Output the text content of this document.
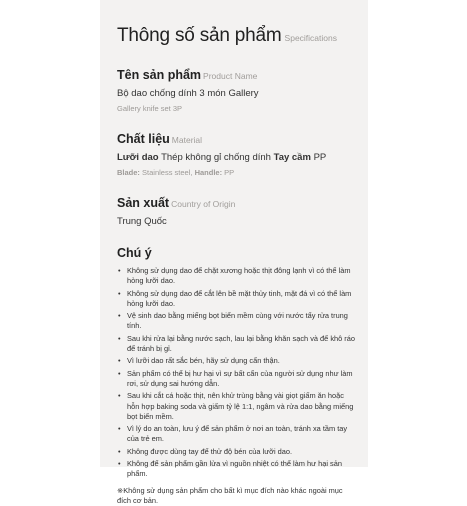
Thông số sản phẩm Specifications
Tên sản phẩm Product Name
Bộ dao chống dính 3 món Gallery
Gallery knife set 3P
Chất liệu Material
Lưỡi dao Thép không gỉ chống dính Tay cầm PP
Blade: Stainless steel, Handle: PP
Sản xuất Country of Origin
Trung Quốc
Chú ý
• Không sử dụng dao để chặt xương hoặc thịt đông lạnh vì có thể làm hỏng lưỡi dao.
• Không sử dụng dao để cắt lên bề mặt thủy tinh, mặt đá vì có thể làm hỏng lưỡi dao.
• Vệ sinh dao bằng miếng bọt biển mềm cùng với nước tẩy rửa trung tính.
• Sau khi rửa lại bằng nước sạch, lau lại bằng khăn sạch và để khô ráo để tránh bị gỉ.
• Vì lưỡi dao rất sắc bén, hãy sử dụng cẩn thận.
• Sản phẩm có thể bị hư hại vì sự bất cẩn của người sử dụng như làm rơi, sử dụng sai hướng dẫn.
• Sau khi cắt cá hoặc thịt, nên khử trùng bằng vài giọt giấm ăn hoặc hỗn hợp baking soda và giấm tỷ lệ 1:1, ngâm và rửa dao bằng miếng bọt biển mềm.
• Vì lý do an toàn, lưu ý để sản phẩm ở nơi an toàn, tránh xa tầm tay của trẻ em.
• Không được dùng tay để thử độ bén của lưỡi dao.
• Không để sản phẩm gần lửa vì nguồn nhiệt có thể làm hư hại sản phẩm.
※Không sử dụng sản phẩm cho bất kì mục đích nào khác ngoài mục đích cơ bản.
